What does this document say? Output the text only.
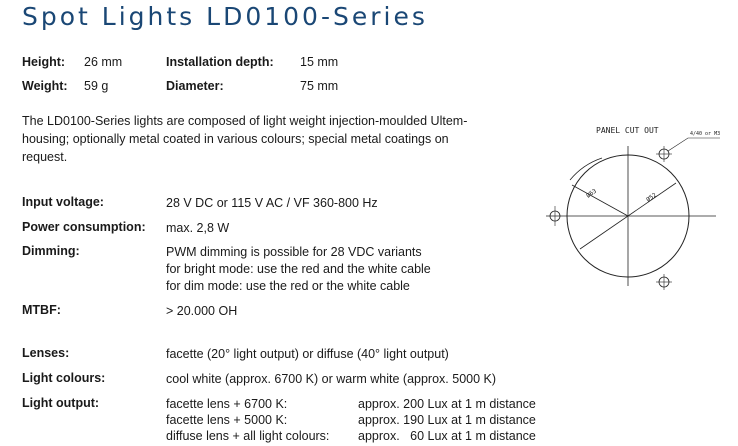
Spot Lights LD0100-Series
Height: 26 mm	Installation depth: 15 mm
Weight: 59 g	Diameter:	75 mm
The LD0100-Series lights are composed of light weight injection-moulded Ultem-housing; optionally metal coated in various colours; special metal coatings on request.
PANEL CUT OUT	4/40 or M3
Ø63	Ø52
Input voltage:	28 V DC or 115 V AC / VF 360-800 Hz
Power consumption: max. 2,8 W
Dimming:	PWM dimming is possible for 28 VDC variants
for bright mode: use the red and the white cable
for dim mode: use the red or the white cable
MTBF:	> 20.000 OH
Lenses:	facette (20° light output) or diffuse (40° light output)
Light colours:	cool white (approx. 6700 K) or warm white (approx. 5000 K)
Light output:	facette lens + 6700 K:	approx. 200 Lux at 1 m distance
facette lens + 5000 K:	approx. 190 Lux at 1 m distance
diffuse lens + all light colours: approx.   60 Lux at 1 m distance
